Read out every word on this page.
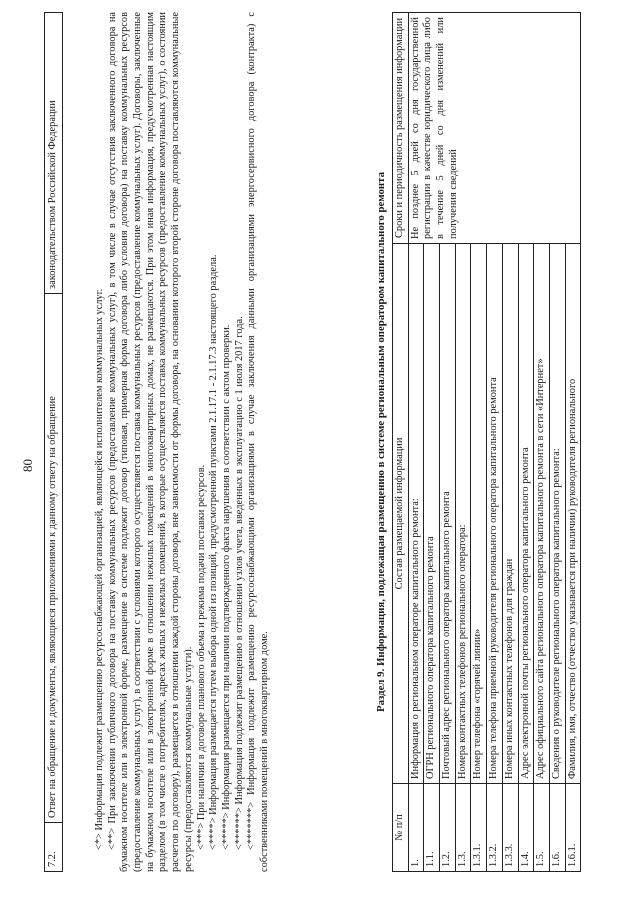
80
7.2.	Ответ на обращение и документы, являющиеся приложениями к данному ответу на обращение	законодательством Российской Федерации

<*> Информация подлежит размещению ресурсоснабжающей организацией, являющейся исполнителем коммунальных услуг. <**> При заключении публичного договора на поставку коммунальных ресурсов (предоставление коммунальных услуг), в том числе в случае отсутствия заключенного договора на бумажном носителе или в электронной форме, размещение в системе подлежит договор (типовая, примерная форма договора либо условия договора) на поставку коммунальных ресурсов (предоставление коммунальных услуг), в соответствии с условиями которого осуществляется поставка коммунальных ресурсов (предоставление коммунальных услуг). Договоры, заключенные на бумажном носителе или в электронной форме в отношении нежилых помещений в многоквартирных домах, не размещаются. При этом иная информация, предусмотренная настоящим разделом (в том числе о потребителях, адресах жилых и нежилых помещений, в которые осуществляется поставка коммунальных ресурсов (предоставление коммунальных услуг), о состоянии расчетов по договору), размещается в отношении каждой стороны договора, вне зависимости от формы договора, на основании которого второй стороне договора поставляются коммунальные ресурсы (предоставляются коммунальные услуги). <***> При наличии в договоре планового объема и режима подачи поставки ресурсов. <****> Информация размещается путем выбора одной из позиций, предусмотренной пунктами 2.1.17.1 - 2.1.17.3 настоящего раздела. <*****> Информация размещается при наличии подтвержденного факта нарушения в соответствии с актом проверки. <******> Информация подлежит размещению в отношении узлов учета, введенных в эксплуатацию с 1 июля 2017 года. <*******> Информация подлежит размещению ресурсоснабжающими организациями в случае заключения данными организациями энергосервисного договора (контракта) с собственниками помещений в многоквартирном доме.

Раздел 9. Информация, подлежащая размещению в системе региональным оператором капитального ремонта
№ п/п	Состав размещаемой информации	Сроки и периодичность размещения информации
1.	Информация о региональном операторе капитального ремонта:	Не позднее 5 дней со дня государственной регистрации в качестве юридического лица либо в течение 5 дней со дня изменений или получения сведений
1.1.	ОГРН регионального оператора капитального ремонта	
1.2.	Почтовый адрес регионального оператора капитального ремонта	
1.3.	Номера контактных телефонов регионального оператора:	
1.3.1.	Номер телефона «горячей линии»	
1.3.2.	Номера телефона приемной руководителя регионального оператора капитального ремонта	
1.3.3.	Номера иных контактных телефонов для граждан	
1.4.	Адрес электронной почты регионального оператора капитального ремонта	
1.5.	Адрес официального сайта регионального оператора капитального ремонта в сети «Интернет»	
1.6.	Сведения о руководителе регионального оператора капитального ремонта:	
1.6.1.	Фамилия, имя, отчество (отчество указывается при наличии) руководителя регионального	
